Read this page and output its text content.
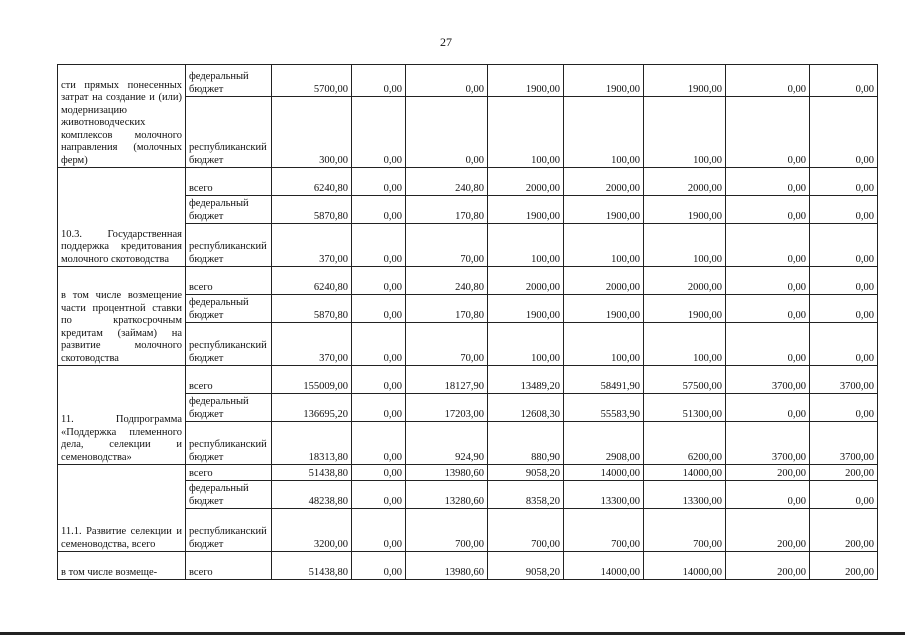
27
сти прямых понесенных затрат на создание и (или) модернизацию животноводческих комплексов молочного направления (молочных ферм)	федеральный бюджет	5700,00	0,00	0,00	1900,00	1900,00	1900,00	0,00	0,00
	республиканский бюджет	300,00	0,00	0,00	100,00	100,00	100,00	0,00	0,00
10.3. Государственная поддержка кредитования молочного скотоводства	всего	6240,80	0,00	240,80	2000,00	2000,00	2000,00	0,00	0,00
	федеральный бюджет	5870,80	0,00	170,80	1900,00	1900,00	1900,00	0,00	0,00
	республиканский бюджет	370,00	0,00	70,00	100,00	100,00	100,00	0,00	0,00
в том числе возмещение части процентной ставки по краткосрочным кредитам (займам) на развитие молочного скотоводства	всего	6240,80	0,00	240,80	2000,00	2000,00	2000,00	0,00	0,00
	федеральный бюджет	5870,80	0,00	170,80	1900,00	1900,00	1900,00	0,00	0,00
	республиканский бюджет	370,00	0,00	70,00	100,00	100,00	100,00	0,00	0,00
11. Подпрограмма «Поддержка племенного дела, селекции и семеноводства»	всего	155009,00	0,00	18127,90	13489,20	58491,90	57500,00	3700,00	3700,00
	федеральный бюджет	136695,20	0,00	17203,00	12608,30	55583,90	51300,00	0,00	0,00
	республиканский бюджет	18313,80	0,00	924,90	880,90	2908,00	6200,00	3700,00	3700,00
11.1. Развитие селекции и семеноводства, всего	всего	51438,80	0,00	13980,60	9058,20	14000,00	14000,00	200,00	200,00
	федеральный бюджет	48238,80	0,00	13280,60	8358,20	13300,00	13300,00	0,00	0,00
	республиканский бюджет	3200,00	0,00	700,00	700,00	700,00	700,00	200,00	200,00
в том числе возмеще-	всего	51438,80	0,00	13980,60	9058,20	14000,00	14000,00	200,00	200,00
